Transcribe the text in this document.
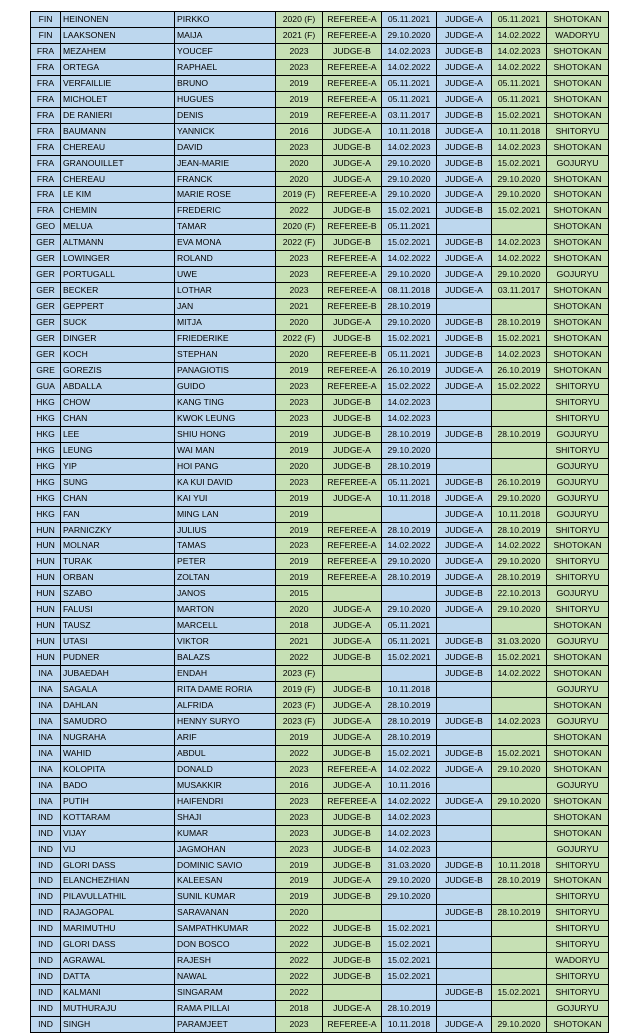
FIN	HEINONEN	PIRKKO	2020 (F)	REFEREE-A	05.11.2021	JUDGE-A	05.11.2021	SHOTOKAN
FIN	LAAKSONEN	MAIJA	2021 (F)	REFEREE-A	29.10.2020	JUDGE-A	14.02.2022	WADORYU
FRA	MEZAHEM	YOUCEF	2023	JUDGE-B	14.02.2023	JUDGE-B	14.02.2023	SHOTOKAN
FRA	ORTEGA	RAPHAEL	2023	REFEREE-A	14.02.2022	JUDGE-A	14.02.2022	SHOTOKAN
FRA	VERFAILLIE	BRUNO	2019	REFEREE-A	05.11.2021	JUDGE-A	05.11.2021	SHOTOKAN
FRA	MICHOLET	HUGUES	2019	REFEREE-A	05.11.2021	JUDGE-A	05.11.2021	SHOTOKAN
FRA	DE RANIERI	DENIS	2019	REFEREE-A	03.11.2017	JUDGE-B	15.02.2021	SHOTOKAN
FRA	BAUMANN	YANNICK	2016	JUDGE-A	10.11.2018	JUDGE-A	10.11.2018	SHITORYU
FRA	CHEREAU	DAVID	2023	JUDGE-B	14.02.2023	JUDGE-B	14.02.2023	SHOTOKAN
FRA	GRANOUILLET	JEAN-MARIE	2020	JUDGE-A	29.10.2020	JUDGE-B	15.02.2021	GOJURYU
FRA	CHEREAU	FRANCK	2020	JUDGE-A	29.10.2020	JUDGE-A	29.10.2020	SHOTOKAN
FRA	LE KIM	MARIE ROSE	2019 (F)	REFEREE-A	29.10.2020	JUDGE-A	29.10.2020	SHOTOKAN
FRA	CHEMIN	FREDERIC	2022	JUDGE-B	15.02.2021	JUDGE-B	15.02.2021	SHOTOKAN
GEO	MELUA	TAMAR	2020 (F)	REFEREE-B	05.11.2021			SHOTOKAN
GER	ALTMANN	EVA MONA	2022 (F)	JUDGE-B	15.02.2021	JUDGE-B	14.02.2023	SHOTOKAN
GER	LOWINGER	ROLAND	2023	REFEREE-A	14.02.2022	JUDGE-A	14.02.2022	SHOTOKAN
GER	PORTUGALL	UWE	2023	REFEREE-A	29.10.2020	JUDGE-A	29.10.2020	GOJURYU
GER	BECKER	LOTHAR	2023	REFEREE-A	08.11.2018	JUDGE-A	03.11.2017	SHOTOKAN
GER	GEPPERT	JAN	2021	REFEREE-B	28.10.2019			SHOTOKAN
GER	SUCK	MITJA	2020	JUDGE-A	29.10.2020	JUDGE-B	28.10.2019	SHOTOKAN
GER	DINGER	FRIEDERIKE	2022 (F)	JUDGE-B	15.02.2021	JUDGE-B	15.02.2021	SHOTOKAN
GER	KOCH	STEPHAN	2020	REFEREE-B	05.11.2021	JUDGE-B	14.02.2023	SHOTOKAN
GRE	GOREZIS	PANAGIOTIS	2019	REFEREE-A	26.10.2019	JUDGE-A	26.10.2019	SHOTOKAN
GUA	ABDALLA	GUIDO	2023	REFEREE-A	15.02.2022	JUDGE-A	15.02.2022	SHITORYU
HKG	CHOW	KANG TING	2023	JUDGE-B	14.02.2023			SHITORYU
HKG	CHAN	KWOK LEUNG	2023	JUDGE-B	14.02.2023			SHITORYU
HKG	LEE	SHIU HONG	2019	JUDGE-B	28.10.2019	JUDGE-B	28.10.2019	GOJURYU
HKG	LEUNG	WAI MAN	2019	JUDGE-A	29.10.2020			SHITORYU
HKG	YIP	HOI PANG	2020	JUDGE-B	28.10.2019			GOJURYU
HKG	SUNG	KA KUI DAVID	2023	REFEREE-A	05.11.2021	JUDGE-B	26.10.2019	GOJURYU
HKG	CHAN	KAI YUI	2019	JUDGE-A	10.11.2018	JUDGE-A	29.10.2020	GOJURYU
HKG	FAN	MING LAN	2019			JUDGE-A	10.11.2018	GOJURYU
HUN	PARNICZKY	JULIUS	2019	REFEREE-A	28.10.2019	JUDGE-A	28.10.2019	SHITORYU
HUN	MOLNAR	TAMAS	2023	REFEREE-A	14.02.2022	JUDGE-A	14.02.2022	SHOTOKAN
HUN	TURAK	PETER	2019	REFEREE-A	29.10.2020	JUDGE-A	29.10.2020	SHITORYU
HUN	ORBAN	ZOLTAN	2019	REFEREE-A	28.10.2019	JUDGE-A	28.10.2019	SHITORYU
HUN	SZABO	JANOS	2015			JUDGE-B	22.10.2013	GOJURYU
HUN	FALUSI	MARTON	2020	JUDGE-A	29.10.2020	JUDGE-A	29.10.2020	SHITORYU
HUN	TAUSZ	MARCELL	2018	JUDGE-A	05.11.2021			SHOTOKAN
HUN	UTASI	VIKTOR	2021	JUDGE-A	05.11.2021	JUDGE-B	31.03.2020	GOJURYU
HUN	PUDNER	BALAZS	2022	JUDGE-B	15.02.2021	JUDGE-B	15.02.2021	SHOTOKAN
INA	JUBAEDAH	ENDAH	2023 (F)			JUDGE-B	14.02.2022	SHOTOKAN
INA	SAGALA	RITA DAME RORIA	2019 (F)	JUDGE-B	10.11.2018			GOJURYU
INA	DAHLAN	ALFRIDA	2023 (F)	JUDGE-A	28.10.2019			SHOTOKAN
INA	SAMUDRO	HENNY SURYO	2023 (F)	JUDGE-A	28.10.2019	JUDGE-B	14.02.2023	GOJURYU
INA	NUGRAHA	ARIF	2019	JUDGE-A	28.10.2019			SHOTOKAN
INA	WAHID	ABDUL	2022	JUDGE-B	15.02.2021	JUDGE-B	15.02.2021	SHOTOKAN
INA	KOLOPITA	DONALD	2023	REFEREE-A	14.02.2022	JUDGE-A	29.10.2020	SHOTOKAN
INA	BADO	MUSAKKIR	2016	JUDGE-A	10.11.2016			GOJURYU
INA	PUTIH	HAIFENDRI	2023	REFEREE-A	14.02.2022	JUDGE-A	29.10.2020	SHOTOKAN
IND	KOTTARAM	SHAJI	2023	JUDGE-B	14.02.2023			SHOTOKAN
IND	VIJAY	KUMAR	2023	JUDGE-B	14.02.2023			SHOTOKAN
IND	VIJ	JAGMOHAN	2023	JUDGE-B	14.02.2023			GOJURYU
IND	GLORI DASS	DOMINIC SAVIO	2019	JUDGE-B	31.03.2020	JUDGE-B	10.11.2018	SHITORYU
IND	ELANCHEZHIAN	KALEESAN	2019	JUDGE-A	29.10.2020	JUDGE-B	28.10.2019	SHOTOKAN
IND	PILAVULLATHIL	SUNIL KUMAR	2019	JUDGE-B	29.10.2020			SHITORYU
IND	RAJAGOPAL	SARAVANAN	2020			JUDGE-B	28.10.2019	SHITORYU
IND	MARIMUTHU	SAMPATHKUMAR	2022	JUDGE-B	15.02.2021			SHITORYU
IND	GLORI DASS	DON BOSCO	2022	JUDGE-B	15.02.2021			SHITORYU
IND	AGRAWAL	RAJESH	2022	JUDGE-B	15.02.2021			WADORYU
IND	DATTA	NAWAL	2022	JUDGE-B	15.02.2021			SHITORYU
IND	KALMANI	SINGARAM	2022			JUDGE-B	15.02.2021	SHITORYU
IND	MUTHURAJU	RAMA PILLAI	2018	JUDGE-A	28.10.2019			GOJURYU
IND	SINGH	PARAMJEET	2023	REFEREE-A	10.11.2018	JUDGE-A	29.10.2020	SHOTOKAN
